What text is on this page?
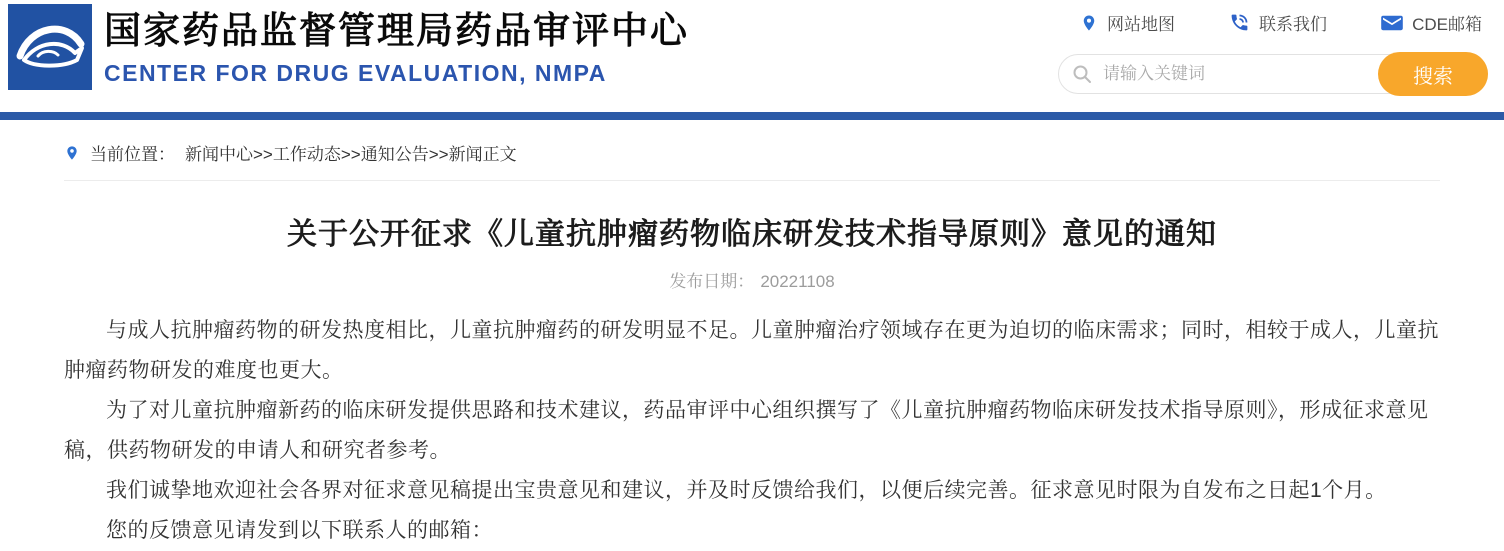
国家药品监督管理局药品审评中心
CENTER FOR DRUG EVALUATION, NMPA
网站地图	联系我们	CDE邮箱
请输入关键词
搜索
当前位置： 新闻中心>>工作动态>>通知公告>>新闻正文
关于公开征求《儿童抗肿瘤药物临床研发技术指导原则》意见的通知
发布日期： 20221108

与成人抗肿瘤药物的研发热度相比，儿童抗肿瘤药的研发明显不足。儿童肿瘤治疗领域存在更为迫切的临床需求；同时，相较于成人，儿童抗肿瘤药物研发的难度也更大。

为了对儿童抗肿瘤新药的临床研发提供思路和技术建议，药品审评中心组织撰写了《儿童抗肿瘤药物临床研发技术指导原则》，形成征求意见稿，供药物研发的申请人和研究者参考。

我们诚挚地欢迎社会各界对征求意见稿提出宝贵意见和建议，并及时反馈给我们，以便后续完善。征求意见时限为自发布之日起1个月。

您的反馈意见请发到以下联系人的邮箱：
